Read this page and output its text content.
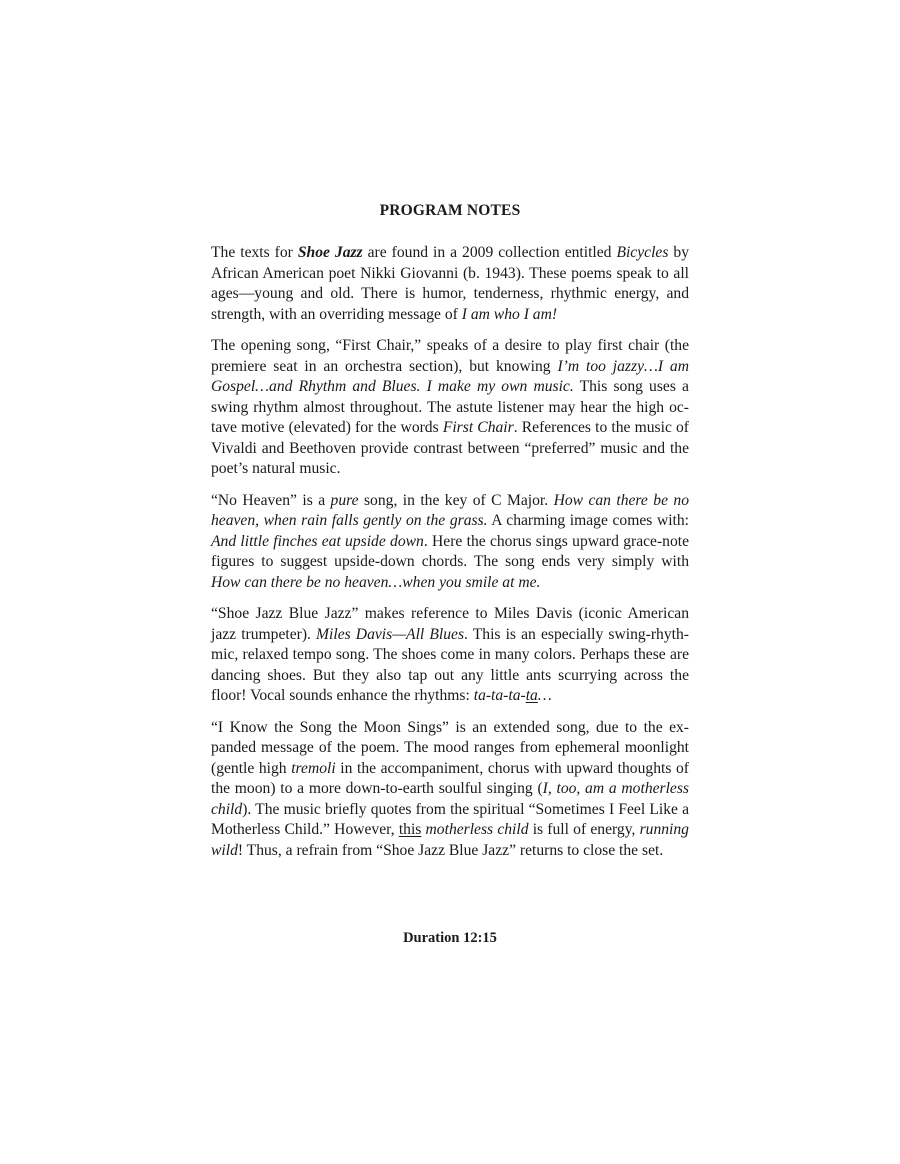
PROGRAM NOTES

The texts for Shoe Jazz are found in a 2009 collection entitled Bicycles by African American poet Nikki Giovanni (b. 1943). These poems speak to all ages—young and old. There is humor, tenderness, rhythmic energy, and strength, with an overriding message of I am who I am!

The opening song, “First Chair,” speaks of a desire to play first chair (the premiere seat in an orchestra section), but knowing I’m too jazzy…I am Gospel…and Rhythm and Blues. I make my own music. This song uses a swing rhythm almost throughout. The astute listener may hear the high octave motive (elevated) for the words First Chair. References to the music of Vivaldi and Beethoven provide contrast between “preferred” music and the poet’s natural music.

“No Heaven” is a pure song, in the key of C Major. How can there be no heaven, when rain falls gently on the grass. A charming image comes with: And little finches eat upside down. Here the chorus sings upward grace-note figures to suggest upside-down chords. The song ends very simply with How can there be no heaven…when you smile at me.

“Shoe Jazz Blue Jazz” makes reference to Miles Davis (iconic American jazz trumpeter). Miles Davis—All Blues. This is an especially swing-rhythmic, relaxed tempo song. The shoes come in many colors. Perhaps these are dancing shoes. But they also tap out any little ants scurrying across the floor! Vocal sounds enhance the rhythms: ta-ta-ta-ta…

“I Know the Song the Moon Sings” is an extended song, due to the expanded message of the poem. The mood ranges from ephemeral moonlight (gentle high tremoli in the accompaniment, chorus with upward thoughts of the moon) to a more down-to-earth soulful singing (I, too, am a motherless child). The music briefly quotes from the spiritual “Sometimes I Feel Like a Motherless Child.” However, this motherless child is full of energy, running wild! Thus, a refrain from “Shoe Jazz Blue Jazz” returns to close the set.

Duration 12:15
